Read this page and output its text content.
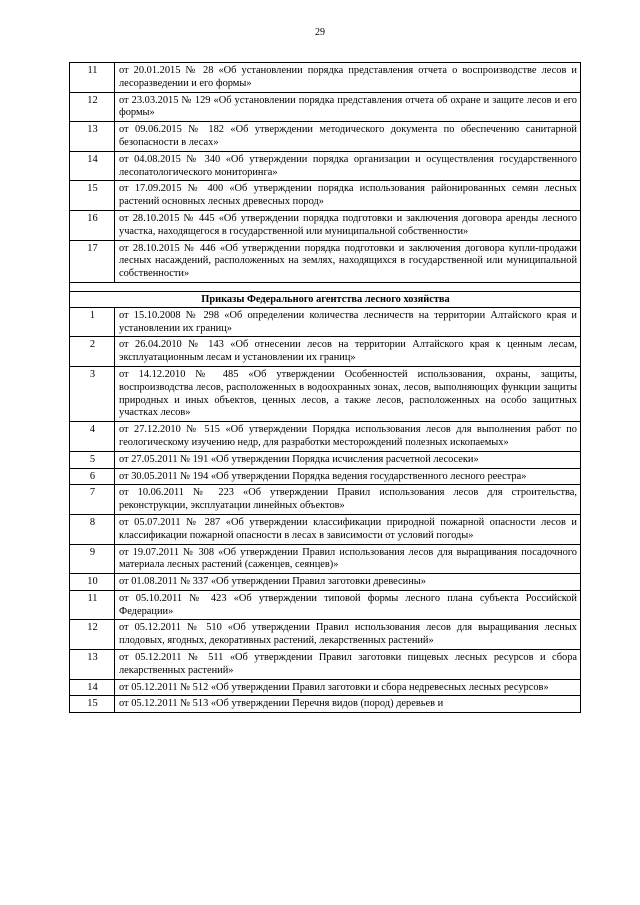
29
11	от 20.01.2015 № 28 «Об установлении порядка представления отчета о воспроизводстве лесов и лесоразведении и его формы»
12	от 23.03.2015 № 129 «Об установлении порядка представления отчета об охране и защите лесов и его формы»
13	от 09.06.2015 № 182 «Об утверждении методического документа по обеспечению санитарной безопасности в лесах»
14	от 04.08.2015 № 340 «Об утверждении порядка организации и осуществления государственного лесопатологического мониторинга»
15	от 17.09.2015 № 400 «Об утверждении порядка использования районированных семян лесных растений основных лесных древесных пород»
16	от 28.10.2015 № 445 «Об утверждении порядка подготовки и заключения договора аренды лесного участка, находящегося в государственной или муниципальной собственности»
17	от 28.10.2015 № 446 «Об утверждении порядка подготовки и заключения договора купли-продажи лесных насаждений, расположенных на землях, находящихся в государственной или муниципальной собственности»

Приказы Федерального агентства лесного хозяйства	
1	от 15.10.2008 № 298 «Об определении количества лесничеств на территории Алтайского края и установлении их границ»
2	от 26.04.2010 № 143 «Об отнесении лесов на территории Алтайского края к ценным лесам, эксплуатационным лесам и установлении их границ»
3	от 14.12.2010 № 485 «Об утверждении Особенностей использования, охраны, защиты, воспроизводства лесов, расположенных в водоохранных зонах, лесов, выполняющих функции защиты природных и иных объектов, ценных лесов, а также лесов, расположенных на особо защитных участках лесов»
4	от 27.12.2010 № 515 «Об утверждении Порядка использования лесов для выполнения работ по геологическому изучению недр, для разработки месторождений полезных ископаемых»
5	от 27.05.2011 № 191 «Об утверждении Порядка исчисления расчетной лесосеки»
6	от 30.05.2011 № 194 «Об утверждении Порядка ведения государственного лесного реестра»
7	от 10.06.2011 № 223 «Об утверждении Правил использования лесов для строительства, реконструкции, эксплуатации линейных объектов»
8	от 05.07.2011 № 287 «Об утверждении классификации природной пожарной опасности лесов и классификации пожарной опасности в лесах в зависимости от условий погоды»
9	от 19.07.2011 № 308 «Об утверждении Правил использования лесов для выращивания посадочного материала лесных растений (саженцев, сеянцев)»
10	от 01.08.2011 № 337 «Об утверждении Правил заготовки древесины»
11	от 05.10.2011 № 423 «Об утверждении типовой формы лесного плана субъекта Российской Федерации»
12	от 05.12.2011 № 510 «Об утверждении Правил использования лесов для выращивания лесных плодовых, ягодных, декоративных растений, лекарственных растений»
13	от 05.12.2011 № 511 «Об утверждении Правил заготовки пищевых лесных ресурсов и сбора лекарственных растений»
14	от 05.12.2011 № 512 «Об утверждении Правил заготовки и сбора недревесных лесных ресурсов»
15	от 05.12.2011 № 513 «Об утверждении Перечня видов (пород) деревьев и
